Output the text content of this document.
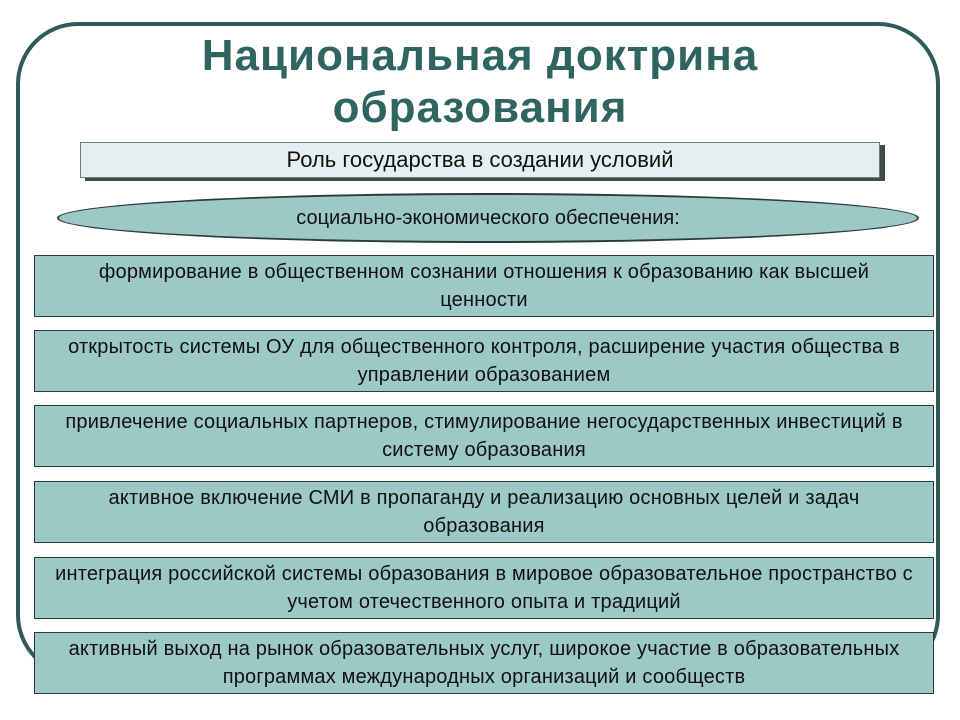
Национальная доктрина образования
Роль государства в создании условий
социально-экономического обеспечения:
формирование в общественном сознании отношения к образованию как высшей ценности
открытость системы ОУ для общественного контроля, расширение участия общества в управлении образованием
привлечение социальных партнеров, стимулирование негосударственных инвестиций в систему образования
активное включение СМИ в пропаганду и реализацию основных целей и задач образования
интеграция российской системы образования в мировое образовательное пространство с учетом отечественного опыта и традиций
активный выход на рынок образовательных услуг, широкое участие в образовательных программах международных организаций и сообществ
